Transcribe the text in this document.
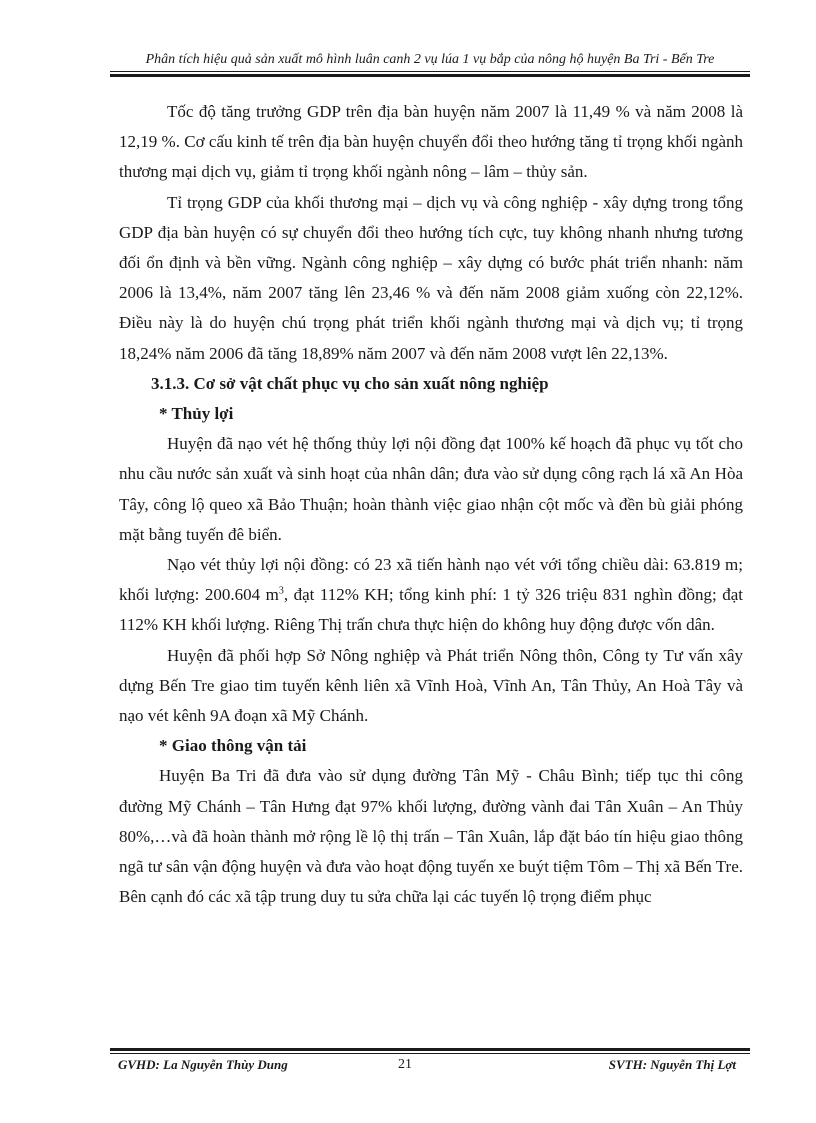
Phân tích hiệu quả sản xuất mô hình luân canh 2 vụ lúa 1 vụ bắp của nông hộ huyện Ba Tri - Bến Tre

Tốc độ tăng trưởng GDP trên địa bàn huyện năm 2007 là 11,49 % và năm 2008 là 12,19 %. Cơ cấu kinh tế trên địa bàn huyện chuyển đổi theo hướng tăng tỉ trọng khối ngành thương mại dịch vụ, giảm tỉ trọng khối ngành nông – lâm – thủy sản.

Tỉ trọng GDP của khối thương mại – dịch vụ và công nghiệp - xây dựng trong tổng GDP địa bàn huyện có sự chuyển đổi theo hướng tích cực, tuy không nhanh nhưng tương đối ổn định và bền vững. Ngành công nghiệp – xây dựng có bước phát triển nhanh: năm 2006 là 13,4%, năm 2007 tăng lên 23,46 % và đến năm 2008 giảm xuống còn 22,12%. Điều này là do huyện chú trọng phát triển khối ngành thương mại và dịch vụ; tỉ trọng 18,24% năm 2006 đã tăng 18,89% năm 2007 và đến năm 2008 vượt lên 22,13%.

3.1.3. Cơ sở vật chất phục vụ cho sản xuất nông nghiệp

* Thủy lợi

Huyện đã nạo vét hệ thống thủy lợi nội đồng đạt 100% kế hoạch đã phục vụ tốt cho nhu cầu nước sản xuất và sinh hoạt của nhân dân; đưa vào sử dụng công rạch lá xã An Hòa Tây, công lộ queo xã Bảo Thuận; hoàn thành việc giao nhận cột mốc và đền bù giải phóng mặt bằng tuyến đê biển.

Nạo vét thủy lợi nội đồng: có 23 xã tiến hành nạo vét với tổng chiều dài: 63.819 m; khối lượng: 200.604 $m^3$, đạt 112% KH; tổng kinh phí: 1 tỷ 326 triệu 831 nghìn đồng; đạt 112% KH khối lượng. Riêng Thị trấn chưa thực hiện do không huy động được vốn dân.

Huyện đã phối hợp Sở Nông nghiệp và Phát triển Nông thôn, Công ty Tư vấn xây dựng Bến Tre giao tim tuyến kênh liên xã Vĩnh Hoà, Vĩnh An, Tân Thủy, An Hoà Tây và nạo vét kênh 9A đoạn xã Mỹ Chánh.

* Giao thông vận tải

Huyện Ba Tri đã đưa vào sử dụng đường Tân Mỹ - Châu Bình; tiếp tục thi công đường Mỹ Chánh – Tân Hưng đạt 97% khối lượng, đường vành đai Tân Xuân – An Thủy 80%,…và đã hoàn thành mở rộng lề lộ thị trấn – Tân Xuân, lắp đặt báo tín hiệu giao thông ngã tư sân vận động huyện và đưa vào hoạt động tuyến xe buýt tiệm Tôm – Thị xã Bến Tre. Bên cạnh đó các xã tập trung duy tu sửa chữa lại các tuyến lộ trọng điểm phục

GVHD: La Nguyễn Thùy Dung	21	SVTH: Nguyễn Thị Lợt
